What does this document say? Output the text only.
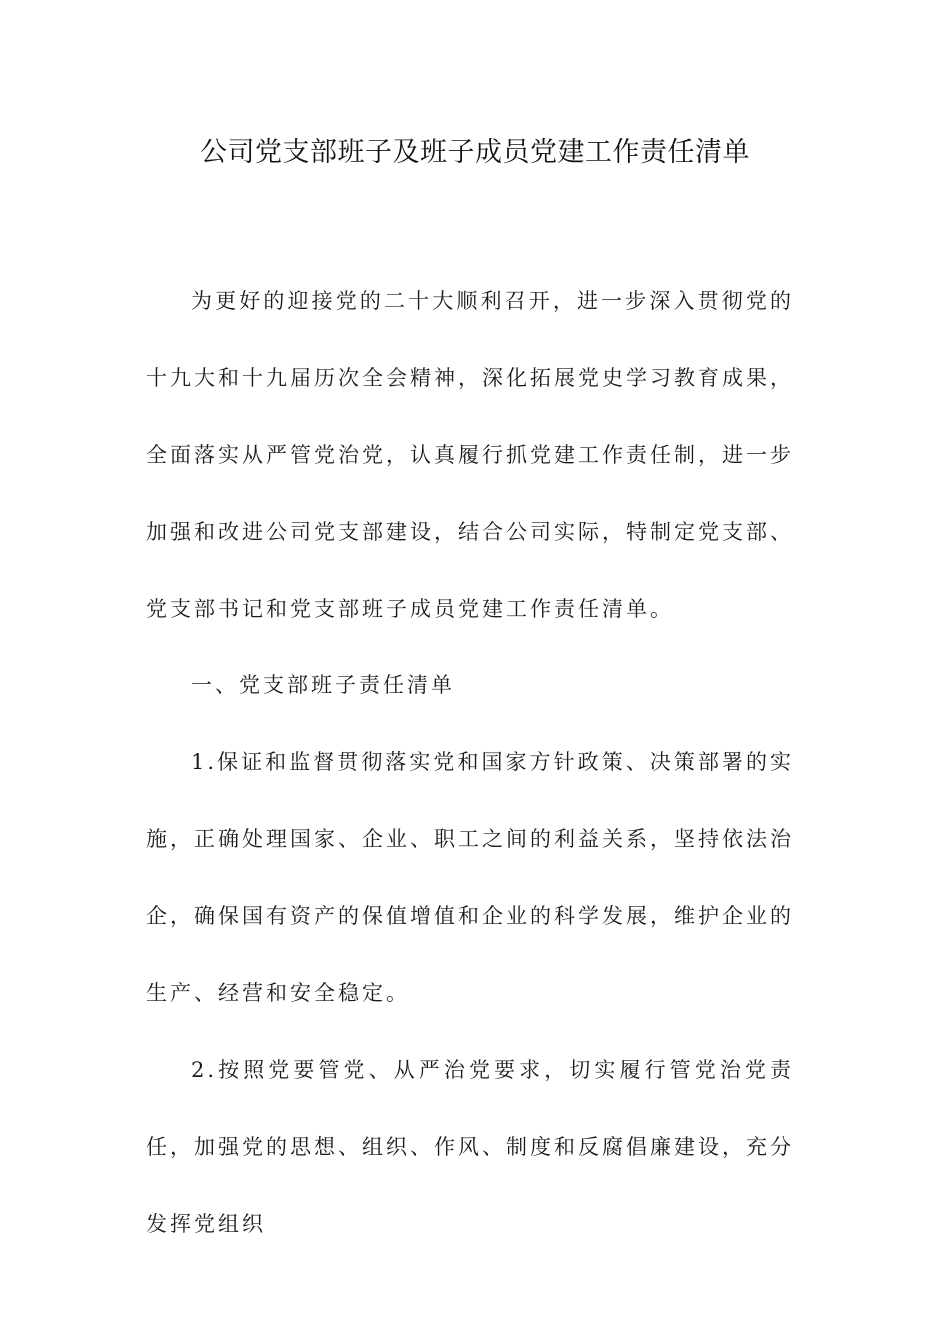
公司党支部班子及班子成员党建工作责任清单

为更好的迎接党的二十大顺利召开，进一步深入贯彻党的十九大和十九届历次全会精神，深化拓展党史学习教育成果，全面落实从严管党治党，认真履行抓党建工作责任制，进一步加强和改进公司党支部建设，结合公司实际，特制定党支部、党支部书记和党支部班子成员党建工作责任清单。

一、党支部班子责任清单

1.保证和监督贯彻落实党和国家方针政策、决策部署的实施，正确处理国家、企业、职工之间的利益关系，坚持依法治企，确保国有资产的保值增值和企业的科学发展，维护企业的生产、经营和安全稳定。

2.按照党要管党、从严治党要求，切实履行管党治党责任，加强党的思想、组织、作风、制度和反腐倡廉建设，充分发挥党组织
